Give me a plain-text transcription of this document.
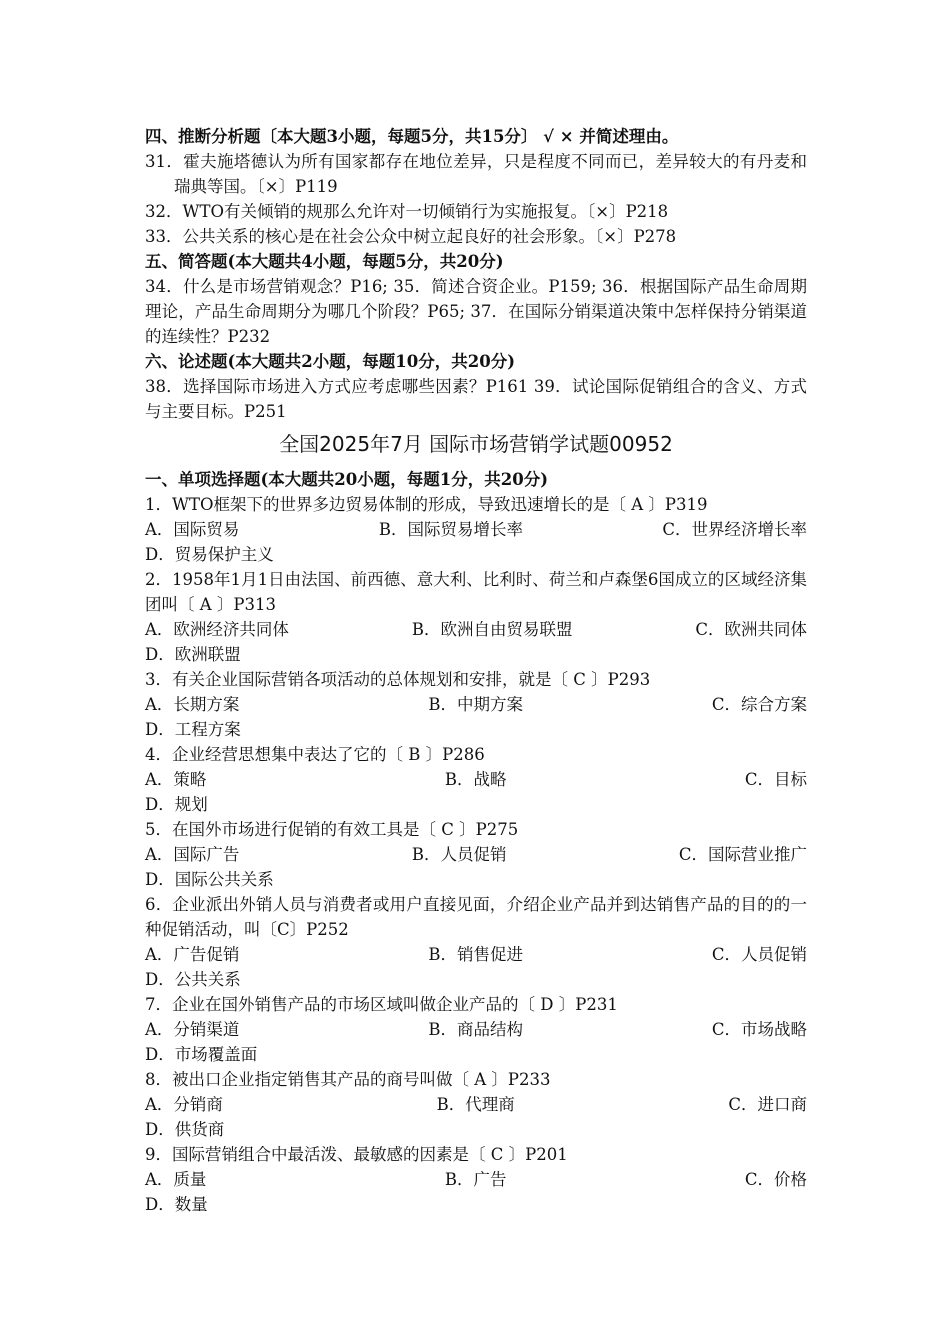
四、推断分析题〔本大题3小题，每题5分，共15分〕 √ × 并简述理由。
31．霍夫施塔德认为所有国家都存在地位差异，只是程度不同而已，差异较大的有丹麦和瑞典等国。〔×〕P119
32．WTO有关倾销的规那么允许对一切倾销行为实施报复。〔×〕P218
33．公共关系的核心是在社会公众中树立起良好的社会形象。〔×〕P278
五、简答题(本大题共4小题，每题5分，共20分)
34．什么是市场营销观念？P16; 35．简述合资企业。P159; 36．根据国际产品生命周期理论，产品生命周期分为哪几个阶段？P65; 37．在国际分销渠道决策中怎样保持分销渠道的连续性？P232
六、论述题(本大题共2小题，每题10分，共20分)
38．选择国际市场进入方式应考虑哪些因素？P161 39．试论国际促销组合的含义、方式与主要目标。P251
全国2025年7月 国际市场营销学试题00952
一、单项选择题(本大题共20小题，每题1分，共20分)
1．WTO框架下的世界多边贸易体制的形成，导致迅速增长的是〔 A 〕P319
A．国际贸易	B．国际贸易增长率	C．世界经济增长率
D．贸易保护主义
2．1958年1月1日由法国、前西德、意大利、比利时、荷兰和卢森堡6国成立的区域经济集团叫〔 A 〕P313
A．欧洲经济共同体	B．欧洲自由贸易联盟	C．欧洲共同体
D．欧洲联盟
3．有关企业国际营销各项活动的总体规划和安排，就是〔 C 〕P293
A．长期方案	B．中期方案	C．综合方案
D．工程方案
4．企业经营思想集中表达了它的〔 B 〕P286
A．策略	B．战略	C．目标
D．规划
5．在国外市场进行促销的有效工具是〔 C 〕P275
A．国际广告	B．人员促销	C．国际营业推广
D．国际公共关系
6．企业派出外销人员与消费者或用户直接见面，介绍企业产品并到达销售产品的目的的一种促销活动，叫〔C〕P252
A．广告促销	B．销售促进	C．人员促销
D．公共关系
7．企业在国外销售产品的市场区域叫做企业产品的〔 D 〕P231
A．分销渠道	B．商品结构	C．市场战略
D．市场覆盖面
8．被出口企业指定销售其产品的商号叫做〔 A 〕P233
A．分销商	B．代理商	C．进口商
D．供货商
9．国际营销组合中最活泼、最敏感的因素是〔 C 〕P201
A．质量	B．广告	C．价格
D．数量
